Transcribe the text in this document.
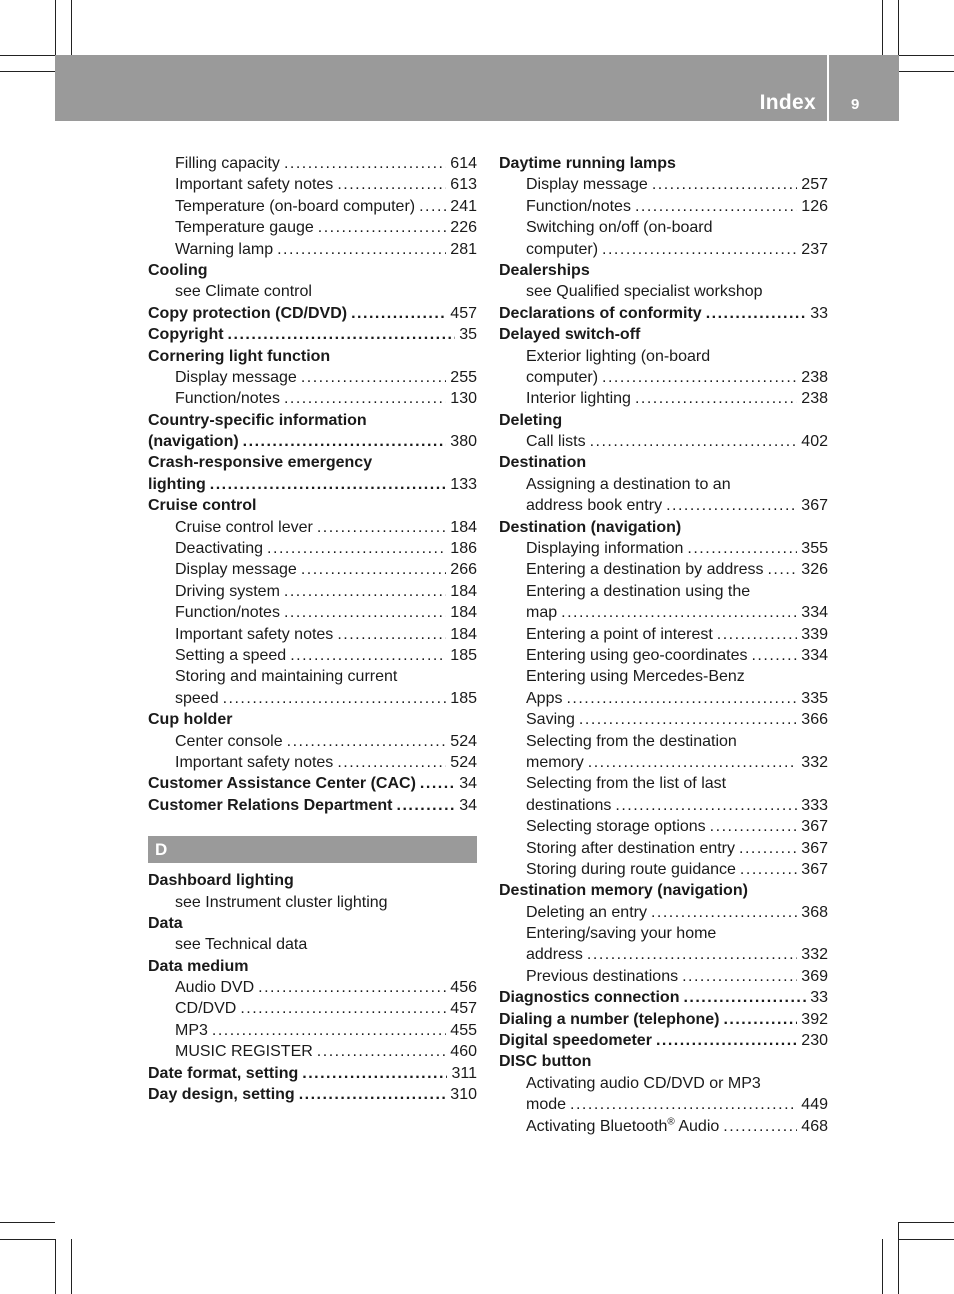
Index 9
Filling capacity .....	614
Important safety notes .....	613
Temperature (on-board computer) ..... 241
Temperature gauge .....	226
Warning lamp .....	281
Cooling
see Climate control
Copy protection (CD/DVD) .....	457
Copyright .....	35
Cornering light function
Display message .....	255
Function/notes .....	130
Country-specific information
(navigation) .....	380
Crash-responsive emergency
lighting .....	133
Cruise control
Cruise control lever .....	184
Deactivating .....	186
Display message .....	266
Driving system .....	184
Function/notes .....	184
Important safety notes .....	184
Setting a speed .....	185
Storing and maintaining current
speed .....	185
Cup holder
Center console .....	524
Important safety notes .....	524
Customer Assistance Center (CAC) .....	34
Customer Relations Department .....	34
D
Dashboard lighting
see Instrument cluster lighting
Data
see Technical data
Data medium
Audio DVD .....	456
CD/DVD .....	457
MP3 .....	455
MUSIC REGISTER .....	460
Date format, setting .....	311
Day design, setting .....	310
Daytime running lamps
Display message .....	257
Function/notes .....	126
Switching on/off (on-board
computer) .....	237
Dealerships
see Qualified specialist workshop
Declarations of conformity .....	33
Delayed switch-off
Exterior lighting (on-board
computer) .....	238
Interior lighting .....	238
Deleting
Call lists .....	402
Destination
Assigning a destination to an
address book entry .....	367
Destination (navigation)
Displaying information .....	355
Entering a destination by address ..... 326
Entering a destination using the
map .....	334
Entering a point of interest .....	339
Entering using geo-coordinates .....	334
Entering using Mercedes-Benz
Apps .....	335
Saving .....	366
Selecting from the destination
memory .....	332
Selecting from the list of last
destinations .....	333
Selecting storage options .....	367
Storing after destination entry .....	367
Storing during route guidance .....	367
Destination memory (navigation)
Deleting an entry .....	368
Entering/saving your home
address .....	332
Previous destinations .....	369
Diagnostics connection .....	33
Dialing a number (telephone) .....	392
Digital speedometer .....	230
DISC button
Activating audio CD/DVD or MP3
mode .....	449
Activating Bluetooth® Audio .....	468
